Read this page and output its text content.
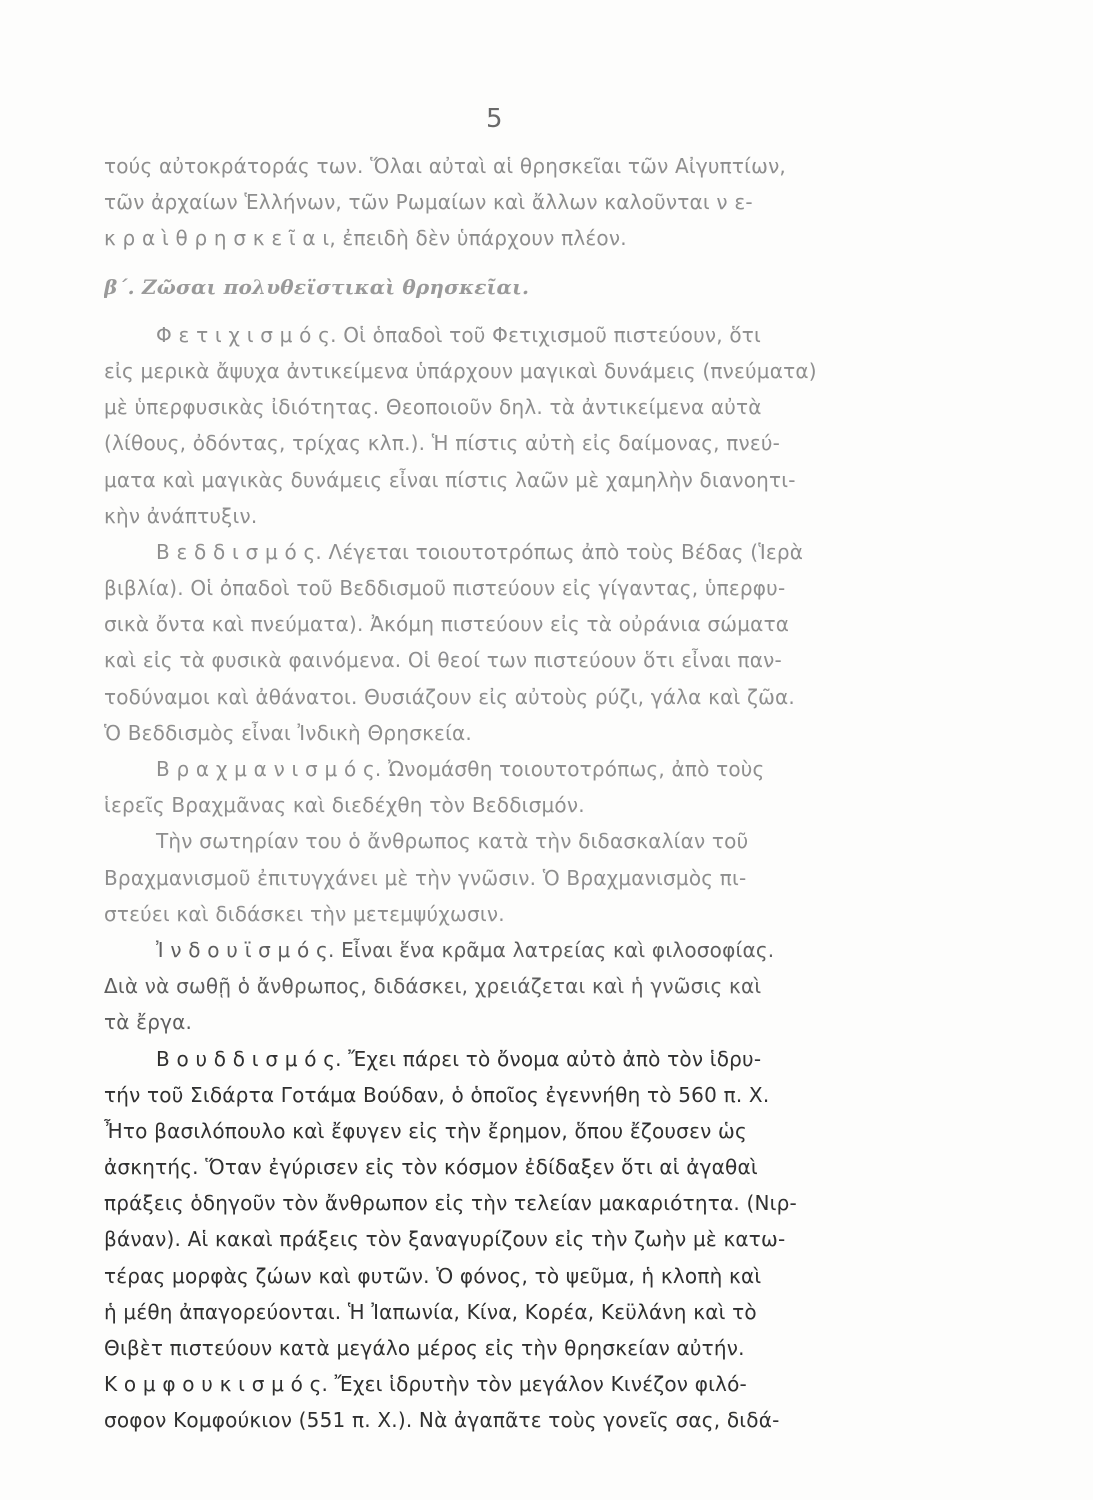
5
τούς αὐτοκράτοράς των. Ὅλαι αὐταὶ αἱ θρησκεῖαι τῶν Αἰγυπτίων,
τῶν ἀρχαίων Ἑλλήνων, τῶν Ρωμαίων καὶ ἄλλων καλοῦνται ν ε-
κ ρ α ὶ θ ρ η σ κ ε ῖ α ι, ἐπειδὴ δὲν ὑπάρχουν πλέον.
β΄. Ζῶσαι πολυθεϊστικαὶ θρησκεῖαι.
Φ ε τ ι χ ι σ μ ό ς. Οἱ ὁπαδοὶ τοῦ Φετιχισμοῦ πιστεύουν, ὅτι
εἰς μερικὰ ἄψυχα ἀντικείμενα ὑπάρχουν μαγικαὶ δυνάμεις (πνεύματα)
μὲ ὑπερφυσικὰς ἰδιότητας. Θεοποιοῦν δηλ. τὰ ἀντικείμενα αὐτὰ
(λίθους, ὀδόντας, τρίχας κλπ.). Ἡ πίστις αὐτὴ εἰς δαίμονας, πνεύ-
ματα καὶ μαγικὰς δυνάμεις εἶναι πίστις λαῶν μὲ χαμηλὴν διανοητι-
κὴν ἀνάπτυξιν.
Β ε δ δ ι σ μ ό ς. Λέγεται τοιουτοτρόπως ἀπὸ τοὺς Βέδας (Ἱερὰ
βιβλία). Οἱ ὀπαδοὶ τοῦ Βεδδισμοῦ πιστεύουν εἰς γίγαντας, ὑπερφυ-
σικὰ ὄντα καὶ πνεύματα). Ἀκόμη πιστεύουν εἰς τὰ οὐράνια σώματα
καὶ εἰς τὰ φυσικὰ φαινόμενα. Οἱ θεοί των πιστεύουν ὅτι εἶναι παν-
τοδύναμοι καὶ ἀθάνατοι. Θυσιάζουν εἰς αὐτοὺς ρύζι, γάλα καὶ ζῶα.
Ὁ Βεδδισμὸς εἶναι Ἰνδικὴ Θρησκεία.
Β ρ α χ μ α ν ι σ μ ό ς. Ὠνομάσθη τοιουτοτρόπως, ἀπὸ τοὺς
ἱερεῖς Βραχμᾶνας καὶ διεδέχθη τὸν Βεδδισμόν.
Τὴν σωτηρίαν του ὁ ἄνθρωπος κατὰ τὴν διδασκαλίαν τοῦ
Βραχμανισμοῦ ἐπιτυγχάνει μὲ τὴν γνῶσιν. Ὁ Βραχμανισμὸς πι-
στεύει καὶ διδάσκει τὴν μετεμψύχωσιν.
Ἰ ν δ ο υ ϊ σ μ ό ς. Εἶναι ἕνα κρᾶμα λατρείας καὶ φιλοσοφίας.
Διὰ νὰ σωθῇ ὁ ἄνθρωπος, διδάσκει, χρειάζεται καὶ ἡ γνῶσις καὶ
τὰ ἔργα.
Β ο υ δ δ ι σ μ ό ς. Ἔχει πάρει τὸ ὄνομα αὐτὸ ἀπὸ τὸν ἱδρυ-
τήν τοῦ Σιδάρτα Γοτάμα Βούδαν, ὁ ὁποῖος ἐγεννήθη τὸ 560 π. Χ.
Ἦτο βασιλόπουλο καὶ ἔφυγεν εἰς τὴν ἔρημον, ὅπου ἔζουσεν ὡς
ἀσκητής. Ὅταν ἐγύρισεν εἰς τὸν κόσμον ἐδίδαξεν ὅτι αἱ ἀγαθαὶ
πράξεις ὁδηγοῦν τὸν ἄνθρωπον εἰς τὴν τελείαν μακαριότητα. (Νιρ-
βάναν). Αἱ κακαὶ πράξεις τὸν ξαναγυρίζουν εἰς τὴν ζωὴν μὲ κατω-
τέρας μορφὰς ζώων καὶ φυτῶν. Ὁ φόνος, τὸ ψεῦμα, ἡ κλοπὴ καὶ
ἡ μέθη ἀπαγορεύονται. Ἡ Ἰαπωνία, Κίνα, Κορέα, Κεϋλάνη καὶ τὸ
Θιβὲτ πιστεύουν κατὰ μεγάλο μέρος εἰς τὴν θρησκείαν αὐτήν.
Κ ο μ φ ο υ κ ι σ μ ό ς. Ἔχει ἱδρυτὴν τὸν μεγάλον Κινέζον φιλό-
σοφον Κομφούκιον (551 π. Χ.). Νὰ ἀγαπᾶτε τοὺς γονεῖς σας, διδά-
